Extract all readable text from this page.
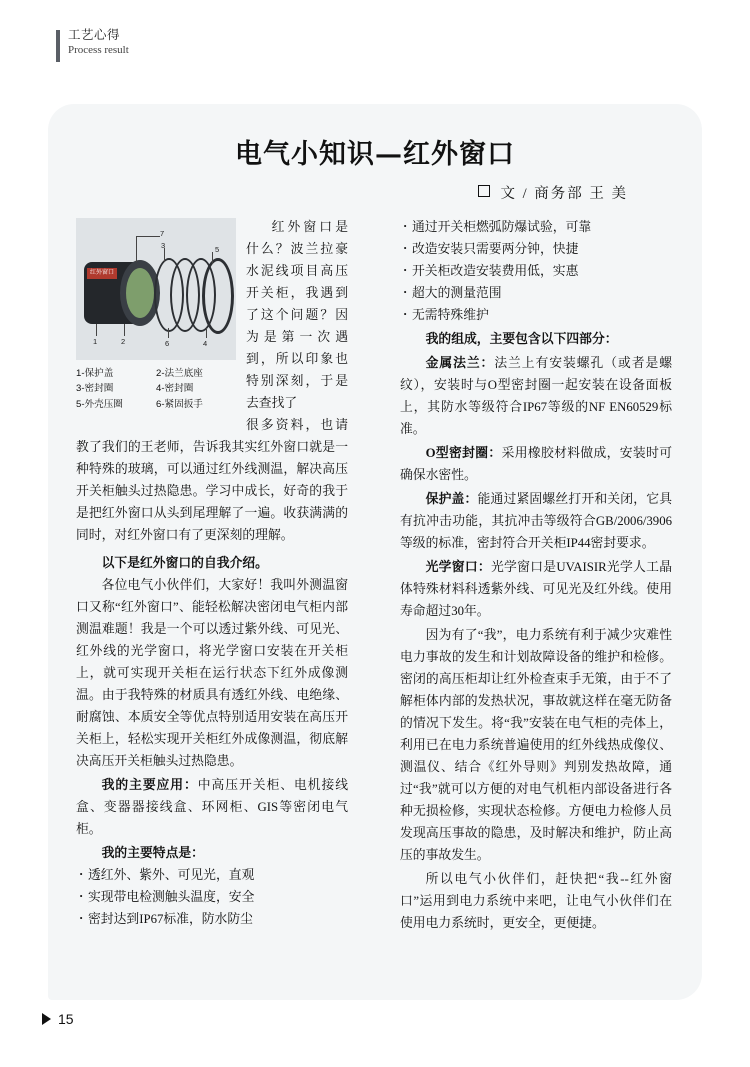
工艺心得
Process result
电气小知识—红外窗口
文 / 商务部 王 美
红外窗口
7
3	5
1	2	6	4
1-保护盖	2-法兰底座
3-密封圈	4-密封圈
5-外壳压圈	6-紧固扳手

红外窗口是什么？波兰拉豪水泥线项目高压开关柜，我遇到了这个问题？因为是第一次遇到，所以印象也特别深刻，于是去查找了

很多资料，也请教了我们的王老师，告诉我其实红外窗口就是一种特殊的玻璃，可以通过红外线测温，解决高压开关柜触头过热隐患。学习中成长，好奇的我于是把红外窗口从头到尾理解了一遍。收获满满的同时，对红外窗口有了更深刻的理解。

以下是红外窗口的自我介绍。

各位电气小伙伴们，大家好！我叫外测温窗口又称“红外窗口”、能轻松解决密闭电气柜内部测温难题！我是一个可以透过紫外线、可见光、红外线的光学窗口，将光学窗口安装在开关柜上，就可实现开关柜在运行状态下红外成像测温。由于我特殊的材质具有透红外线、电绝缘、耐腐蚀、本质安全等优点特别适用安装在高压开关柜上，轻松实现开关柜红外成像测温，彻底解决高压开关柜触头过热隐患。

我的主要应用：中高压开关柜、电机接线盒、变器器接线盒、环网柜、GIS等密闭电气柜。

我的主要特点是：

· 透红外、紫外、可见光，直观
· 实现带电检测触头温度，安全
· 密封达到IP67标准，防水防尘
· 通过开关柜燃弧防爆试验，可靠
· 改造安装只需要两分钟，快捷
· 开关柜改造安装费用低，实惠
· 超大的测量范围
· 无需特殊维护

我的组成，主要包含以下四部分：

金属法兰：法兰上有安装螺孔（或者是螺纹），安装时与O型密封圈一起安装在设备面板上，其防水等级符合IP67等级的NF EN60529标准。

O型密封圈：采用橡胶材料做成，安装时可确保水密性。

保护盖：能通过紧固螺丝打开和关闭，它具有抗冲击功能，其抗冲击等级符合GB/2006/3906等级的标准，密封符合开关柜IP44密封要求。

光学窗口：光学窗口是UVAISIR光学人工晶体特殊材料科透紫外线、可见光及红外线。使用寿命超过30年。

因为有了“我”，电力系统有利于减少灾难性电力事故的发生和计划故障设备的维护和检修。密闭的高压柜却让红外检查束手无策，由于不了解柜体内部的发热状况，事故就这样在毫无防备的情况下发生。将“我”安装在电气柜的壳体上，利用已在电力系统普遍使用的红外线热成像仪、测温仪、结合《红外导则》判别发热故障，通过“我”就可以方便的对电气机柜内部设备进行各种无损检修，实现状态检修。方便电力检修人员发现高压事故的隐患，及时解决和维护，防止高压的事故发生。

所以电气小伙伴们，赶快把“我--红外窗口”运用到电力系统中来吧，让电气小伙伴们在使用电力系统时，更安全，更便捷。

15
